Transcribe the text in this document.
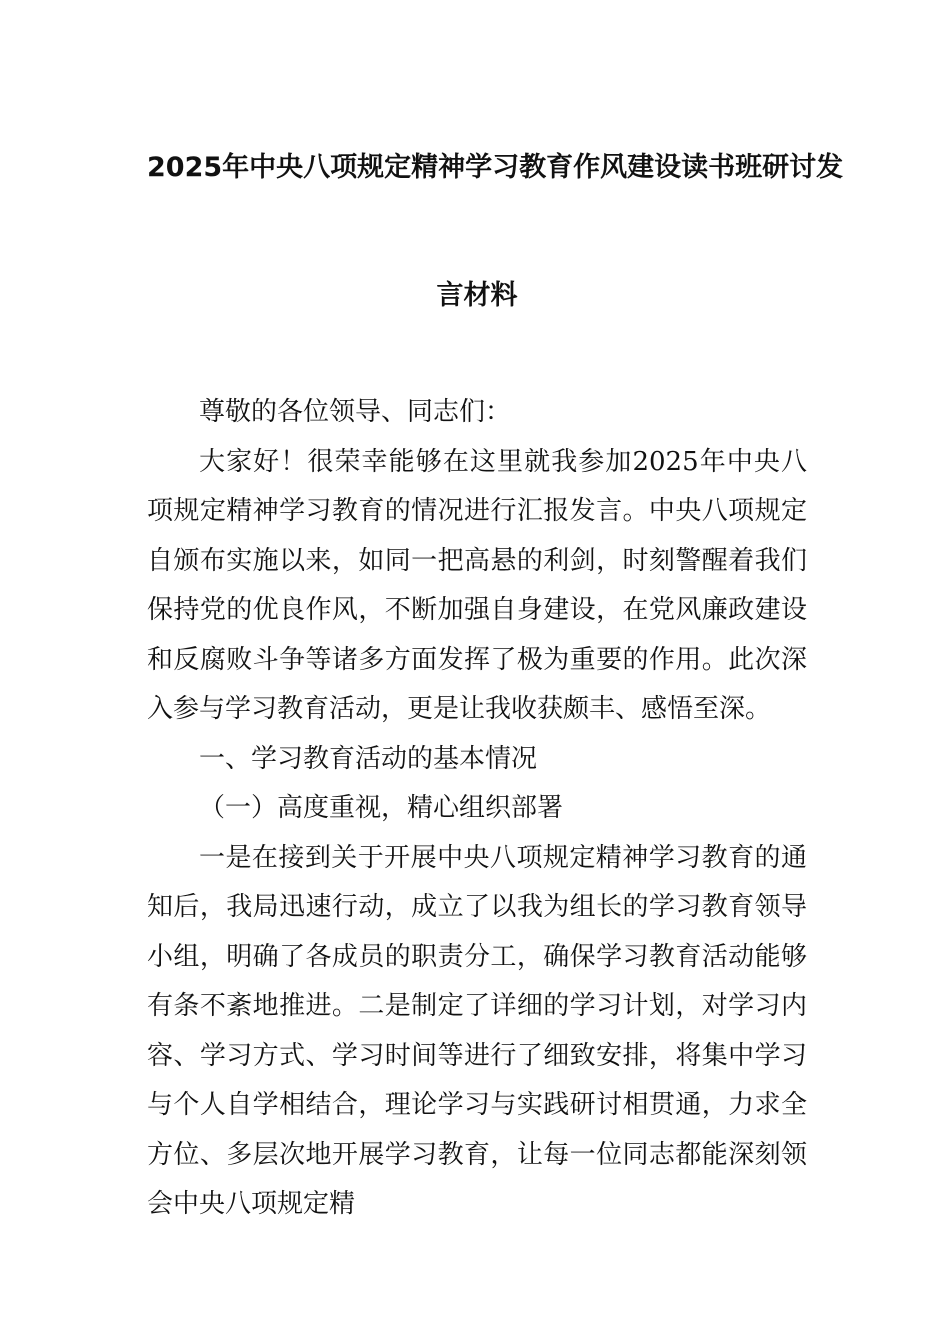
2025年中央八项规定精神学习教育作风建设读书班研讨发

言材料

尊敬的各位领导、同志们：

大家好！很荣幸能够在这里就我参加2025年中央八项规定精神学习教育的情况进行汇报发言。中央八项规定自颁布实施以来，如同一把高悬的利剑，时刻警醒着我们保持党的优良作风，不断加强自身建设，在党风廉政建设和反腐败斗争等诸多方面发挥了极为重要的作用。此次深入参与学习教育活动，更是让我收获颇丰、感悟至深。

一、学习教育活动的基本情况

（一）高度重视，精心组织部署

一是在接到关于开展中央八项规定精神学习教育的通知后，我局迅速行动，成立了以我为组长的学习教育领导小组，明确了各成员的职责分工，确保学习教育活动能够有条不紊地推进。二是制定了详细的学习计划，对学习内容、学习方式、学习时间等进行了细致安排，将集中学习与个人自学相结合，理论学习与实践研讨相贯通，力求全方位、多层次地开展学习教育，让每一位同志都能深刻领会中央八项规定精
